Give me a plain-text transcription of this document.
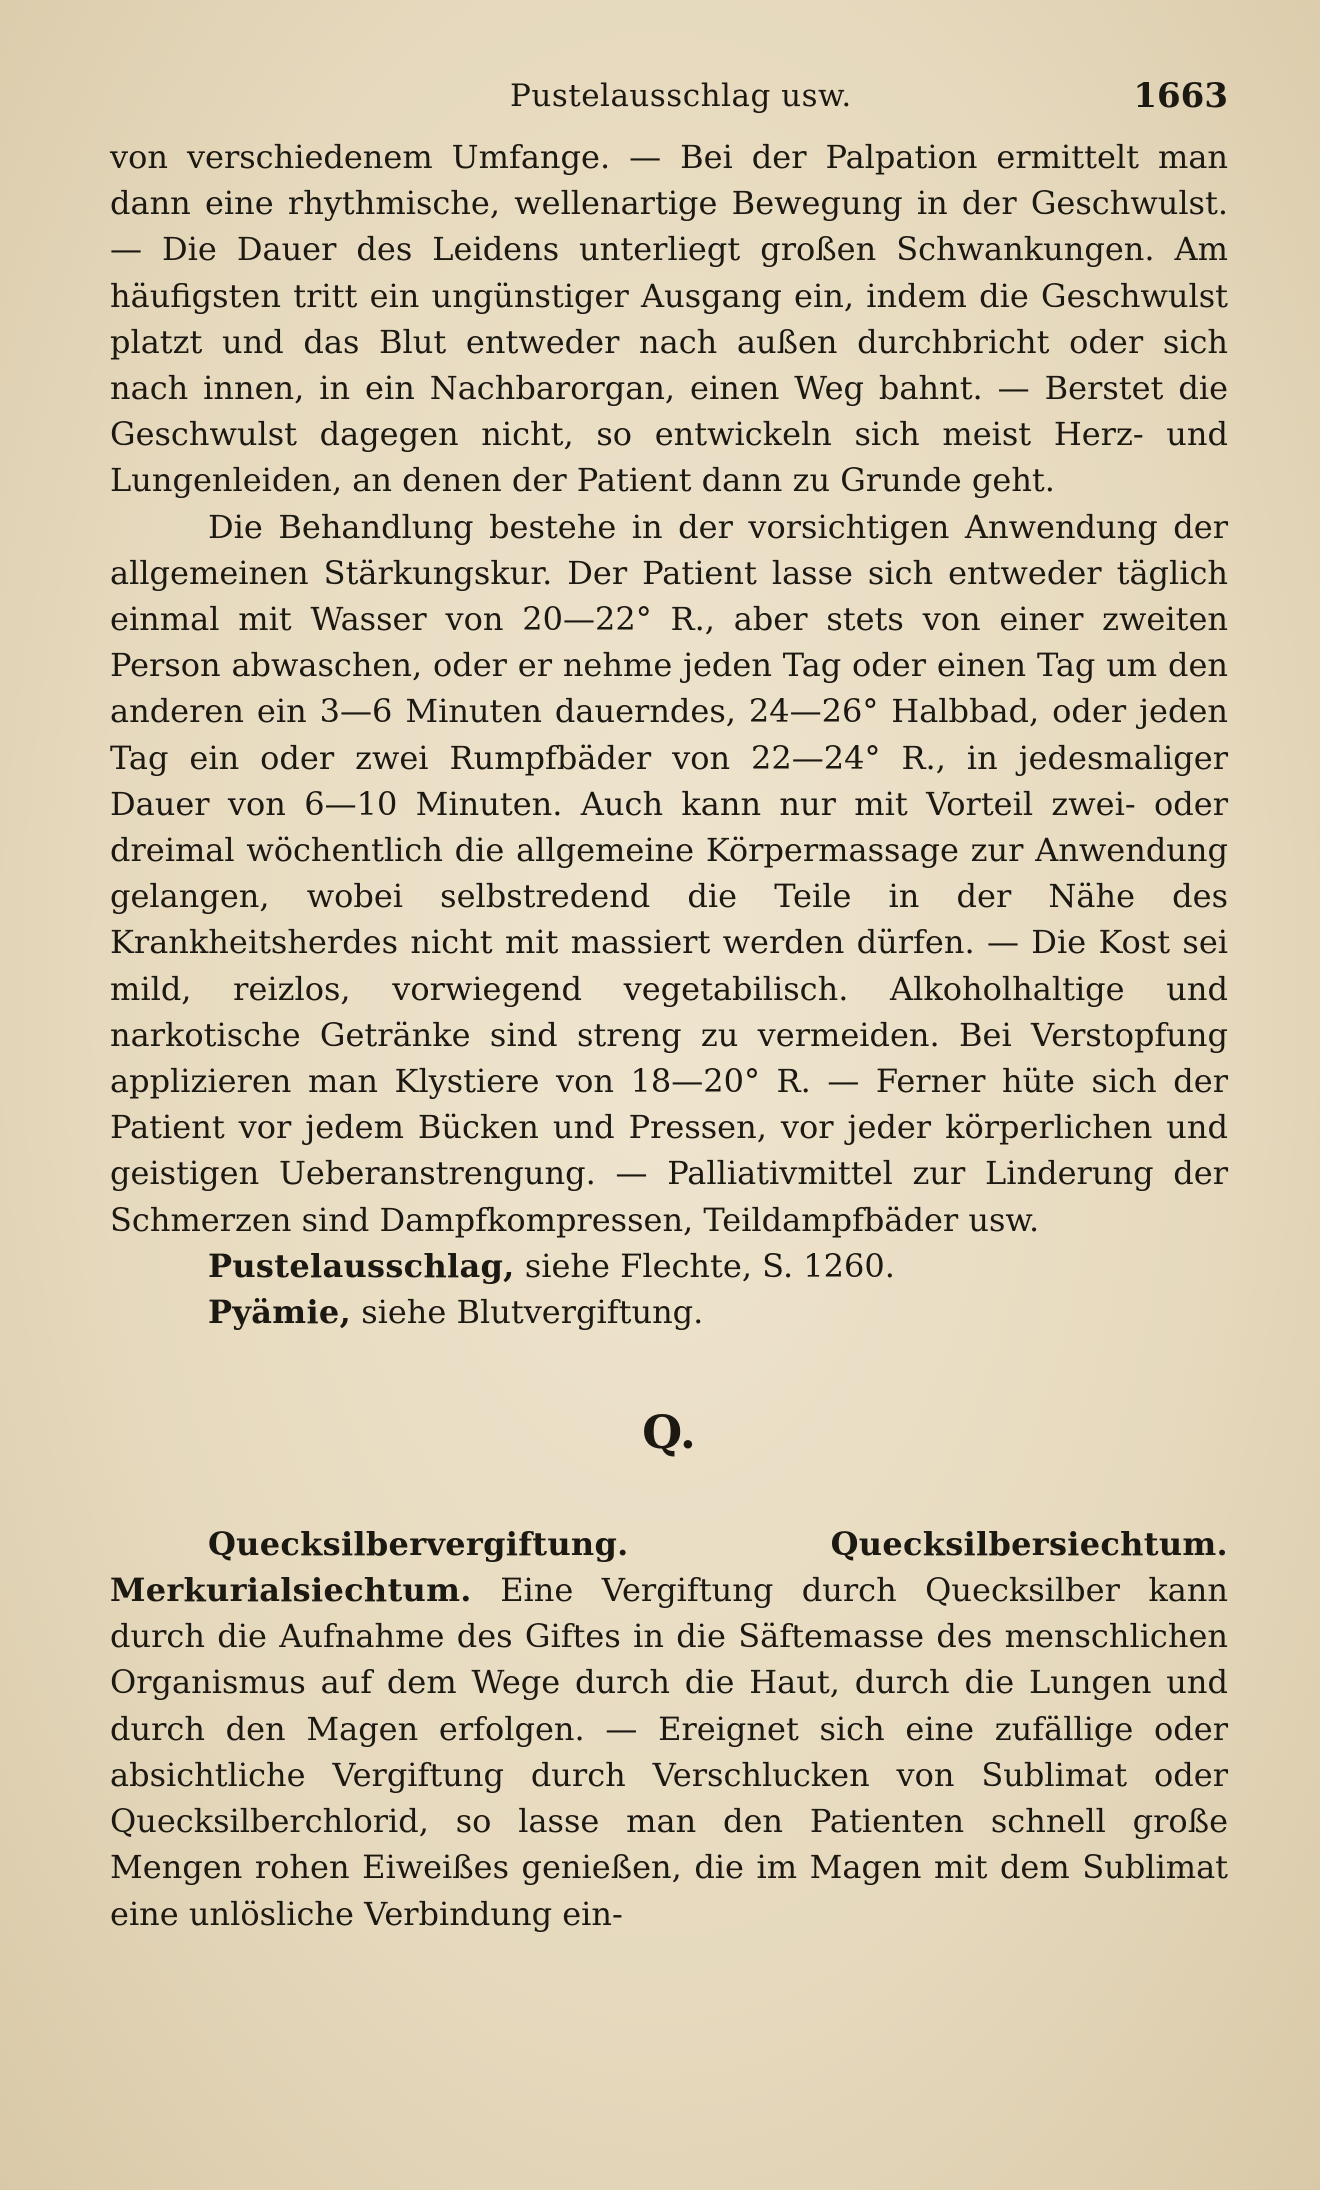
Pustelausschlag usw.	1663

von verschiedenem Umfange. — Bei der Palpation ermittelt man dann eine rhythmische, wellenartige Bewegung in der Geschwulst. — Die Dauer des Leidens unterliegt großen Schwankungen. Am häufigsten tritt ein ungünstiger Ausgang ein, indem die Geschwulst platzt und das Blut entweder nach außen durchbricht oder sich nach innen, in ein Nachbarorgan, einen Weg bahnt. — Berstet die Geschwulst dagegen nicht, so entwickeln sich meist Herz- und Lungenleiden, an denen der Patient dann zu Grunde geht.

Die Behandlung bestehe in der vorsichtigen Anwendung der allgemeinen Stärkungskur. Der Patient lasse sich entweder täglich einmal mit Wasser von 20—22° R., aber stets von einer zweiten Person abwaschen, oder er nehme jeden Tag oder einen Tag um den anderen ein 3—6 Minuten dauerndes, 24—26° Halbbad, oder jeden Tag ein oder zwei Rumpfbäder von 22—24° R., in jedesmaliger Dauer von 6—10 Minuten. Auch kann nur mit Vorteil zwei- oder dreimal wöchentlich die allgemeine Körpermassage zur Anwendung gelangen, wobei selbstredend die Teile in der Nähe des Krankheitsherdes nicht mit massiert werden dürfen. — Die Kost sei mild, reizlos, vorwiegend vegetabilisch. Alkoholhaltige und narkotische Getränke sind streng zu vermeiden. Bei Verstopfung applizieren man Klystiere von 18—20° R. — Ferner hüte sich der Patient vor jedem Bücken und Pressen, vor jeder körperlichen und geistigen Ueberanstrengung. — Palliativmittel zur Linderung der Schmerzen sind Dampfkompressen, Teildampfbäder usw.

Pustelausschlag, siehe Flechte, S. 1260.

Pyämie, siehe Blutvergiftung.

Q.

Quecksilbervergiftung. Quecksilbersiechtum. Merkurialsiechtum. Eine Vergiftung durch Quecksilber kann durch die Aufnahme des Giftes in die Säftemasse des menschlichen Organismus auf dem Wege durch die Haut, durch die Lungen und durch den Magen erfolgen. — Ereignet sich eine zufällige oder absichtliche Vergiftung durch Verschlucken von Sublimat oder Quecksilberchlorid, so lasse man den Patienten schnell große Mengen rohen Eiweißes genießen, die im Magen mit dem Sublimat eine unlösliche Verbindung ein-
